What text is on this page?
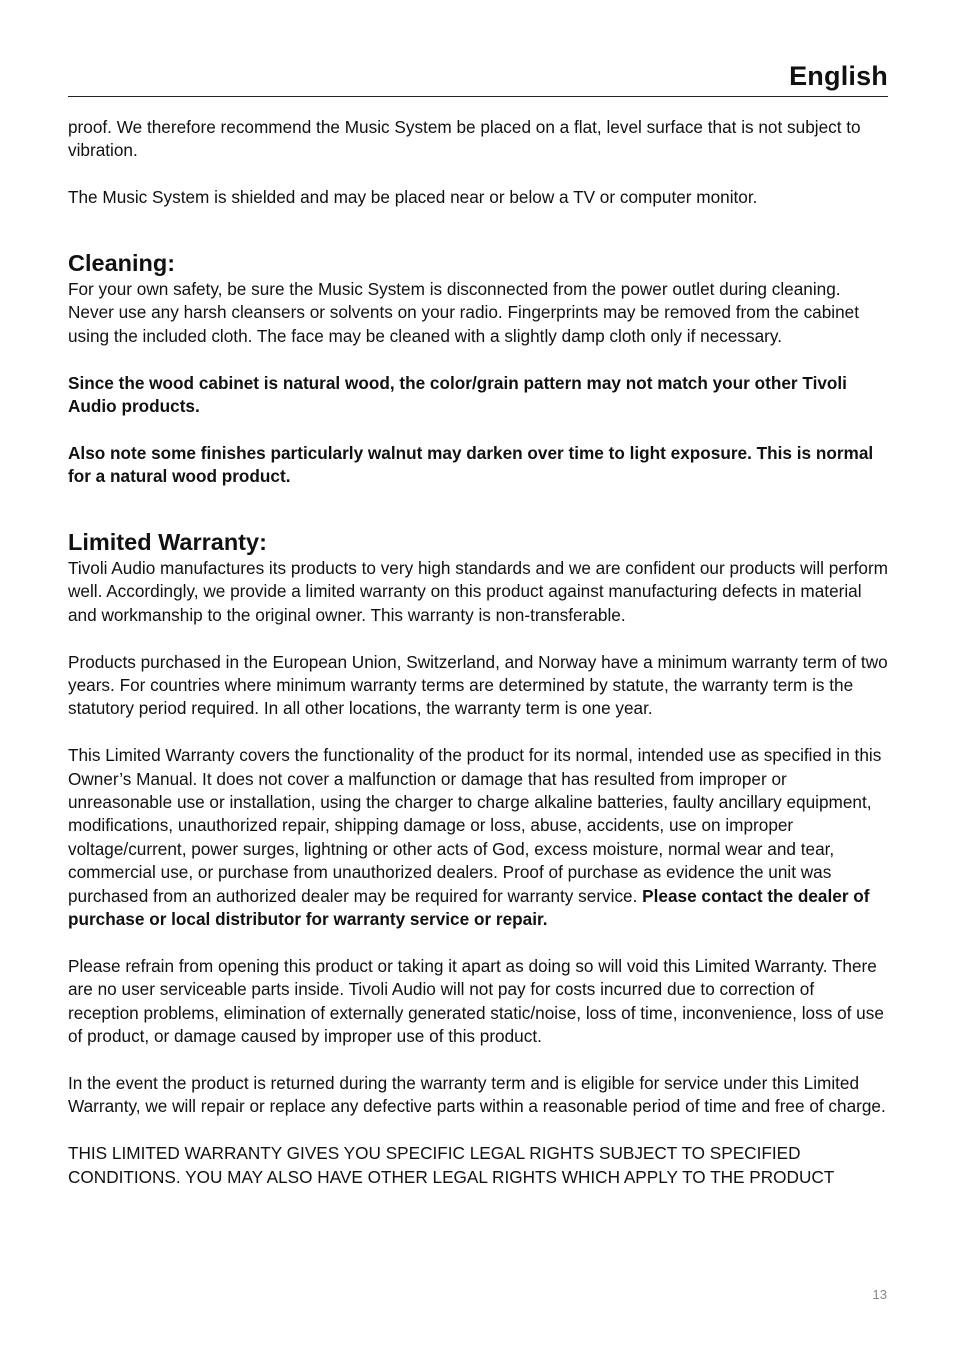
English

proof. We therefore recommend the Music System be placed on a flat, level surface that is not subject to vibration.

The Music System is shielded and may be placed near or below a TV or computer monitor.

Cleaning:

For your own safety, be sure the Music System is disconnected from the power outlet during cleaning. Never use any harsh cleansers or solvents on your radio. Fingerprints may be removed from the cabinet using the included cloth. The face may be cleaned with a slightly damp cloth only if necessary.

Since the wood cabinet is natural wood, the color/grain pattern may not match your other Tivoli Audio products.

Also note some finishes particularly walnut may darken over time to light exposure. This is normal for a natural wood product.

Limited Warranty:

Tivoli Audio manufactures its products to very high standards and we are confident our products will perform well. Accordingly, we provide a limited warranty on this product against manufacturing defects in material and workmanship to the original owner. This warranty is non-transferable.

Products purchased in the European Union, Switzerland, and Norway have a minimum warranty term of two years. For countries where minimum warranty terms are determined by statute, the warranty term is the statutory period required. In all other locations, the warranty term is one year.

This Limited Warranty covers the functionality of the product for its normal, intended use as specified in this Owner’s Manual. It does not cover a malfunction or damage that has resulted from improper or unreasonable use or installation, using the charger to charge alkaline batteries, faulty ancillary equipment, modifications, unauthorized repair, shipping damage or loss, abuse, accidents, use on improper voltage/current, power surges, lightning or other acts of God, excess moisture, normal wear and tear, commercial use, or purchase from unauthorized dealers. Proof of purchase as evidence the unit was purchased from an authorized dealer may be required for warranty service. Please contact the dealer of purchase or local distributor for warranty service or repair.

Please refrain from opening this product or taking it apart as doing so will void this Limited Warranty. There are no user serviceable parts inside. Tivoli Audio will not pay for costs incurred due to correction of reception problems, elimination of externally generated static/noise, loss of time, inconvenience, loss of use of product, or damage caused by improper use of this product.

In the event the product is returned during the warranty term and is eligible for service under this Limited Warranty, we will repair or replace any defective parts within a reasonable period of time and free of charge.

THIS LIMITED WARRANTY GIVES YOU SPECIFIC LEGAL RIGHTS SUBJECT TO SPECIFIED CONDITIONS. YOU MAY ALSO HAVE OTHER LEGAL RIGHTS WHICH APPLY TO THE PRODUCT

13
